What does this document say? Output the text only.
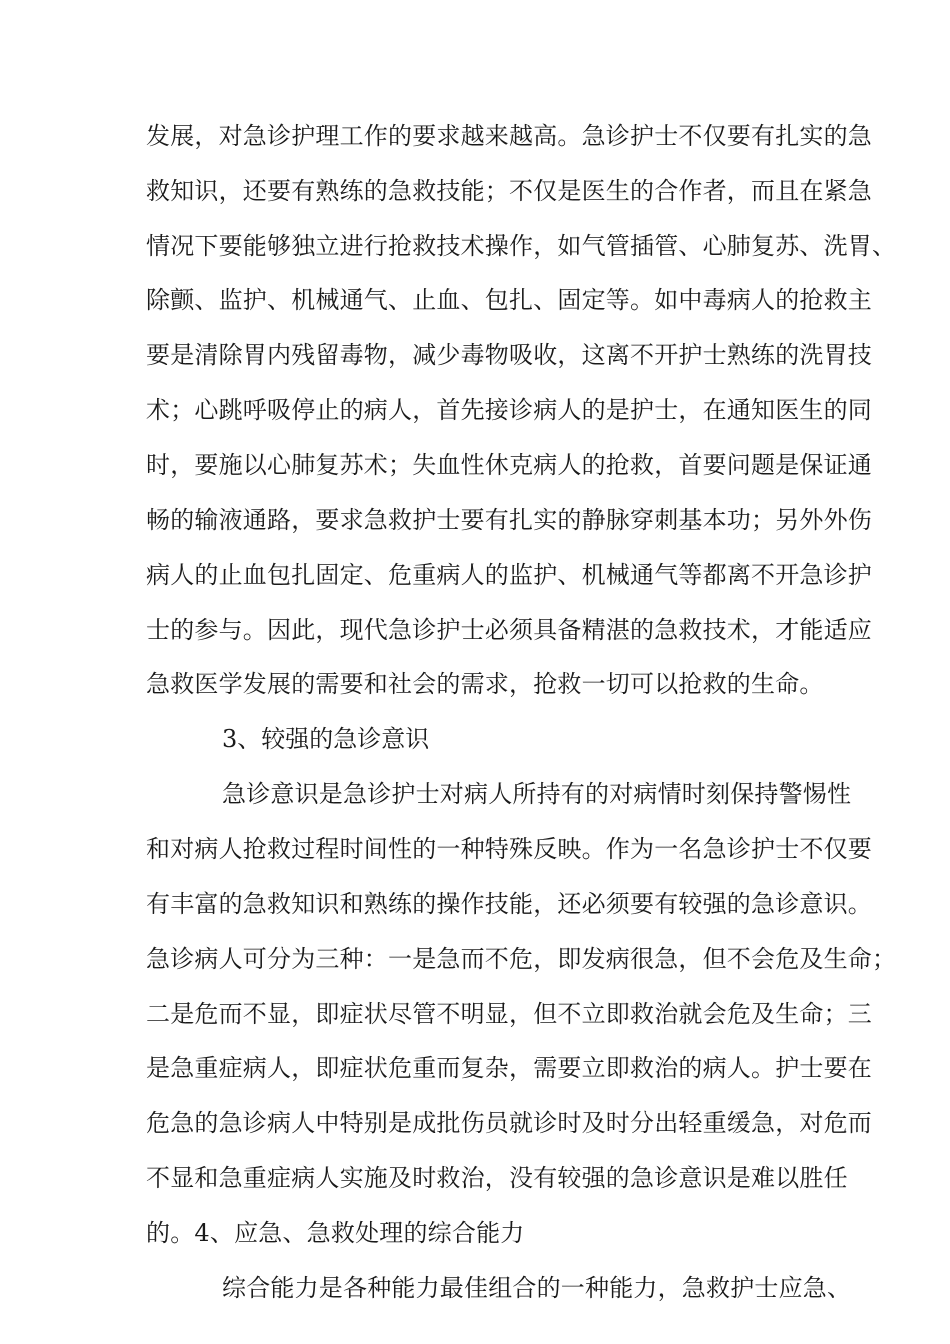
发展，对急诊护理工作的要求越来越高。急诊护士不仅要有扎实的急
救知识，还要有熟练的急救技能；不仅是医生的合作者，而且在紧急
情况下要能够独立进行抢救技术操作，如气管插管、心肺复苏、洗胃、
除颤、监护、机械通气、止血、包扎、固定等。如中毒病人的抢救主
要是清除胃内残留毒物，减少毒物吸收，这离不开护士熟练的洗胃技
术；心跳呼吸停止的病人，首先接诊病人的是护士，在通知医生的同
时，要施以心肺复苏术；失血性休克病人的抢救，首要问题是保证通
畅的输液通路，要求急救护士要有扎实的静脉穿刺基本功；另外外伤
病人的止血包扎固定、危重病人的监护、机械通气等都离不开急诊护
士的参与。因此，现代急诊护士必须具备精湛的急救技术，才能适应
急救医学发展的需要和社会的需求，抢救一切可以抢救的生命。
3、较强的急诊意识
急诊意识是急诊护士对病人所持有的对病情时刻保持警惕性
和对病人抢救过程时间性的一种特殊反映。作为一名急诊护士不仅要
有丰富的急救知识和熟练的操作技能，还必须要有较强的急诊意识。
急诊病人可分为三种：一是急而不危，即发病很急，但不会危及生命；
二是危而不显，即症状尽管不明显，但不立即救治就会危及生命；三
是急重症病人，即症状危重而复杂，需要立即救治的病人。护士要在
危急的急诊病人中特别是成批伤员就诊时及时分出轻重缓急，对危而
不显和急重症病人实施及时救治，没有较强的急诊意识是难以胜任
的。4、应急、急救处理的综合能力
综合能力是各种能力最佳组合的一种能力，急救护士应急、
